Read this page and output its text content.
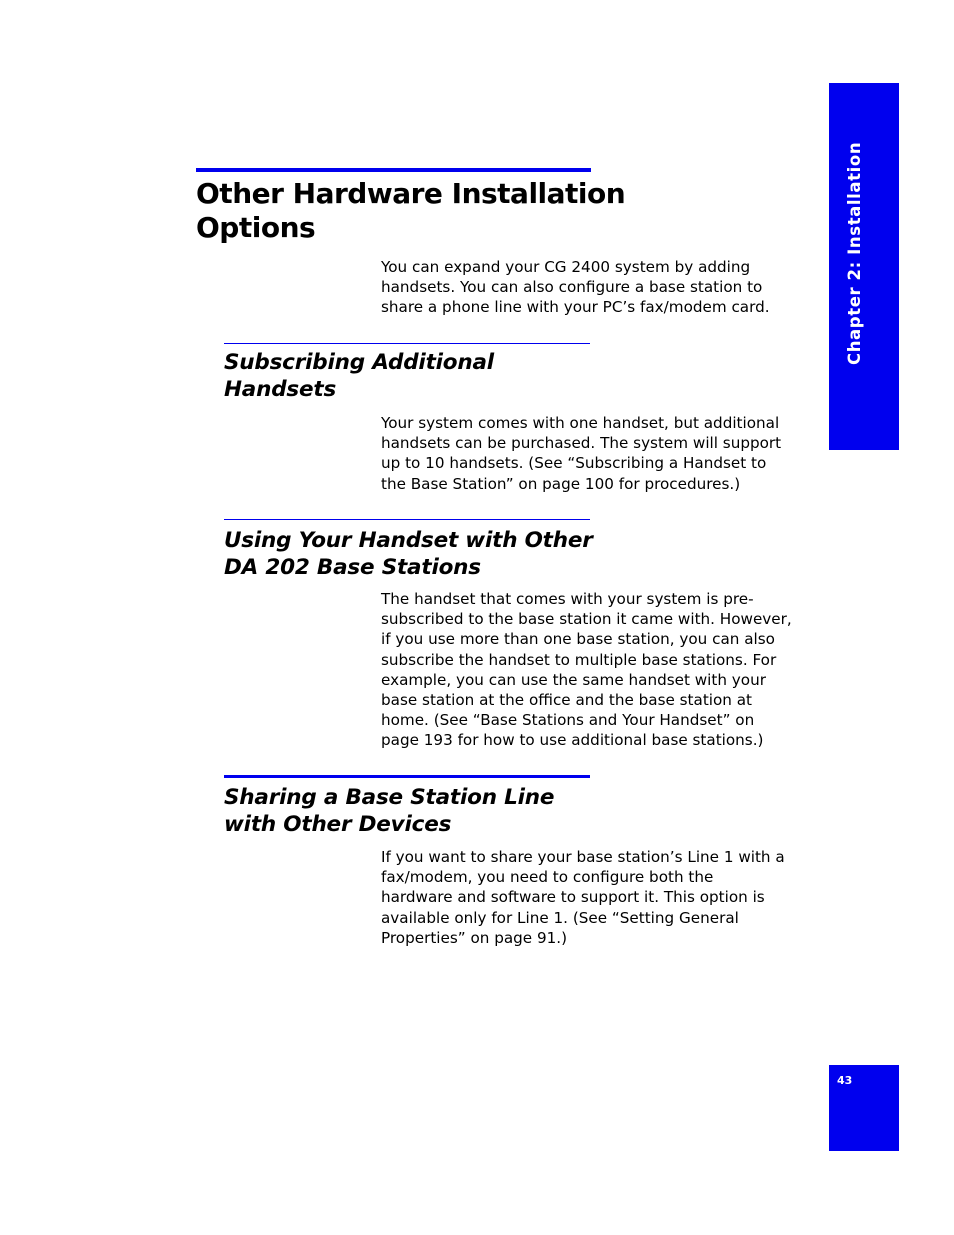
Chapter 2: Installation
43
Other Hardware Installation
Options

You can expand your CG 2400 system by adding
handsets. You can also configure a base station to
share a phone line with your PC’s fax/modem card.

Subscribing Additional
Handsets

Your system comes with one handset, but additional
handsets can be purchased. The system will support
up to 10 handsets. (See “Subscribing a Handset to
the Base Station” on page 100 for procedures.)

Using Your Handset with Other
DA 202 Base Stations

The handset that comes with your system is pre-
subscribed to the base station it came with. However,
if you use more than one base station, you can also
subscribe the handset to multiple base stations. For
example, you can use the same handset with your
base station at the office and the base station at
home. (See “Base Stations and Your Handset” on
page 193 for how to use additional base stations.)

Sharing a Base Station Line
with Other Devices

If you want to share your base station’s Line 1 with a
fax/modem, you need to configure both the
hardware and software to support it. This option is
available only for Line 1. (See “Setting General
Properties” on page 91.)
